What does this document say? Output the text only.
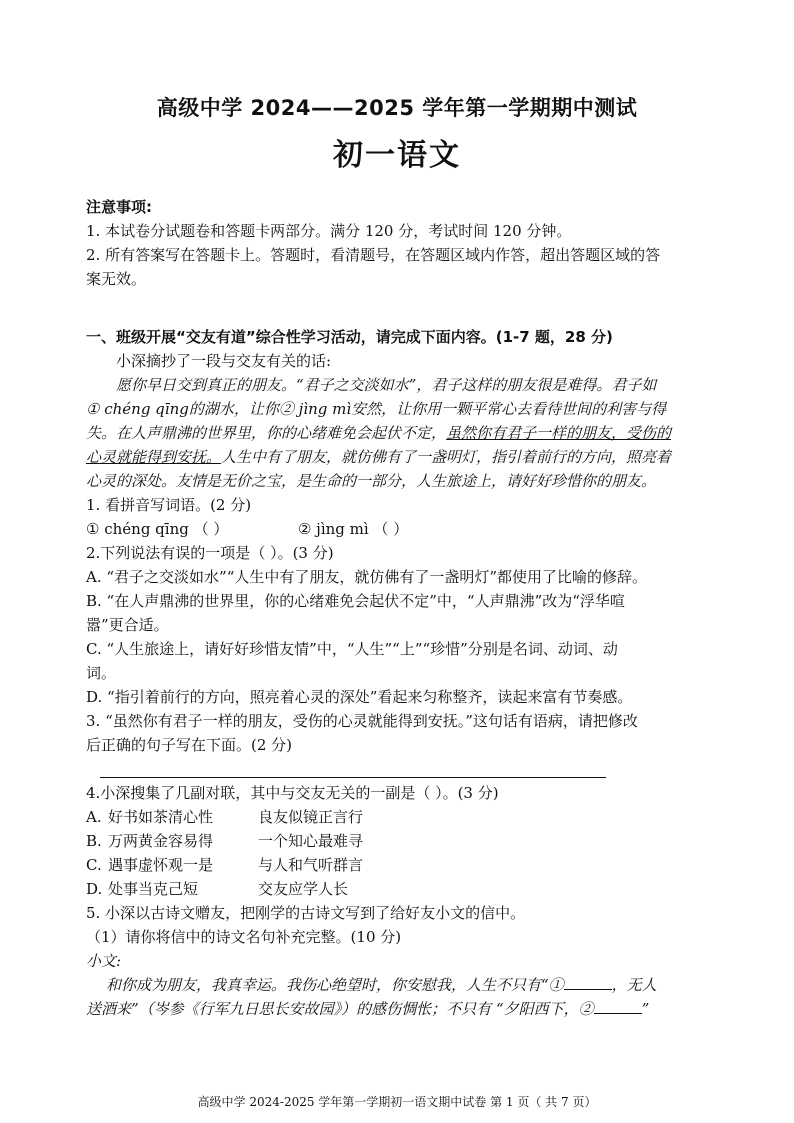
高级中学 2024——2025 学年第一学期期中测试
初一语文
注意事项:
1. 本试卷分试题卷和答题卡两部分。满分 120 分，考试时间 120 分钟。
2. 所有答案写在答题卡上。答题时，看清题号，在答题区域内作答，超出答题区域的答
案无效。
一、班级开展“交友有道”综合性学习活动，请完成下面内容。(1-7 题，28 分)
小深摘抄了一段与交友有关的话:
愿你早日交到真正的朋友。“君子之交淡如水”，君子这样的朋友很是难得。君子如
① chéng qīng的湖水，让你② jìng mì安然，让你用一颗平常心去看待世间的利害与得
失。在人声鼎沸的世界里，你的心绪难免会起伏不定，虽然你有君子一样的朋友，受伤的
心灵就能得到安抚。人生中有了朋友，就仿佛有了一盏明灯，指引着前行的方向，照亮着
心灵的深处。友情是无价之宝，是生命的一部分，人生旅途上，请好好珍惜你的朋友。
1. 看拼音写词语。(2 分)
① chéng qīng （ ）	② jìng mì （ ）
2.下列说法有误的一项是（ ）。(3 分)
A. “君子之交淡如水”“人生中有了朋友，就仿佛有了一盏明灯”都使用了比喻的修辞。
B. “在人声鼎沸的世界里，你的心绪难免会起伏不定”中，“人声鼎沸”改为“浮华喧
嚣”更合适。
C. “人生旅途上，请好好珍惜友情”中，“人生”“上”“珍惜”分别是名词、动词、动
词。
D. “指引着前行的方向，照亮着心灵的深处”看起来匀称整齐，读起来富有节奏感。
3. “虽然你有君子一样的朋友，受伤的心灵就能得到安抚。”这句话有语病，请把修改
后正确的句子写在下面。(2 分)
4.小深搜集了几副对联，其中与交友无关的一副是（ ）。(3 分)
A. 好书如茶清心性	良友似镜正言行
B. 万两黄金容易得	一个知心最难寻
C. 遇事虚怀观一是	与人和气听群言
D. 处事当克己短	交友应学人长
5. 小深以古诗文赠友，把刚学的古诗文写到了给好友小文的信中。
（1）请你将信中的诗文名句补充完整。(10 分)
小文:
和你成为朋友，我真幸运。我伤心绝望时，你安慰我，人生不只有“①	，无人
送酒来”（岑参《行军九日思长安故园》）的感伤惆怅；不只有 “夕阳西下，②	”
高级中学 2024-2025 学年第一学期初一语文期中试卷 第 1 页（ 共 7 页）
